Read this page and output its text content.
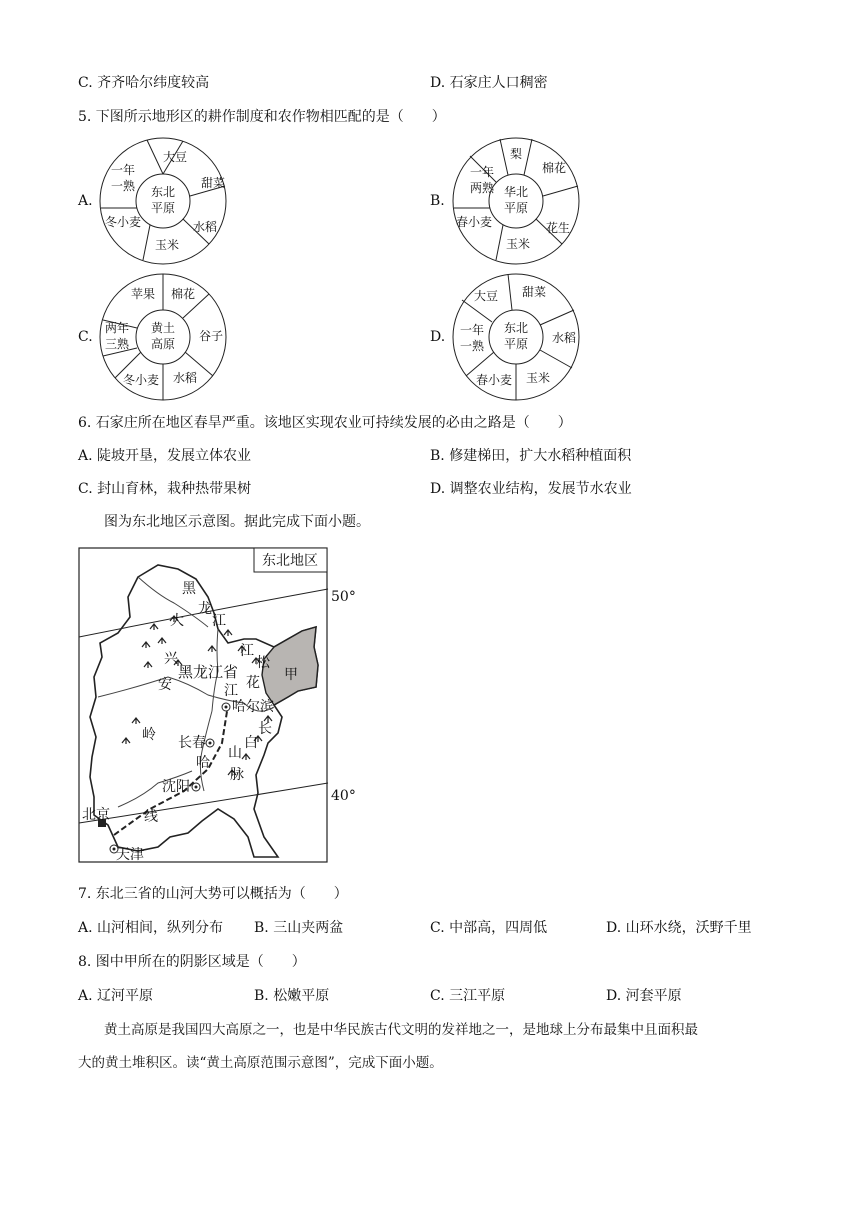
C. 齐齐哈尔纬度较高	D. 石家庄人口稠密
5. 下图所示地形区的耕作制度和农作物相匹配的是（　　）
A.
东北
平原
大豆
甜菜
水稻
玉米
冬小麦
一年
一熟
B.
华北
平原
梨
棉花
花生
玉米
春小麦
一年
两熟
C.
黄土
高原
苹果 棉花
谷子
水稻
冬小麦
两年
三熟	D.
大豆 甜菜
水稻
玉米
春小麦
一年
一熟
东北
平原
6. 石家庄所在地区春旱严重。该地区实现农业可持续发展的必由之路是（　　）
A. 陡坡开垦，发展立体农业	B. 修建梯田，扩大水稻种植面积
C. 封山育林，栽种热带果树	D. 调整农业结构，发展节水农业
图为东北地区示意图。据此完成下面小题。
东北地区
50°
40°
黑
龙
江
大
兴
安
岭
黑龙江省
江
江
松
花 甲
哈尔滨
长春
沈阳
北京
天津
长
白
山
脉
哈
线
7. 东北三省的山河大势可以概括为（　　）
A. 山河相间，纵列分布 B. 三山夹两盆	C. 中部高，四周低	D. 山环水绕，沃野千里
8. 图中甲所在的阴影区域是（　　）
A. 辽河平原	B. 松嫩平原	C. 三江平原	D. 河套平原
黄土高原是我国四大高原之一，也是中华民族古代文明的发祥地之一，是地球上分布最集中且面积最
大的黄土堆积区。读“黄土高原范围示意图”，完成下面小题。
